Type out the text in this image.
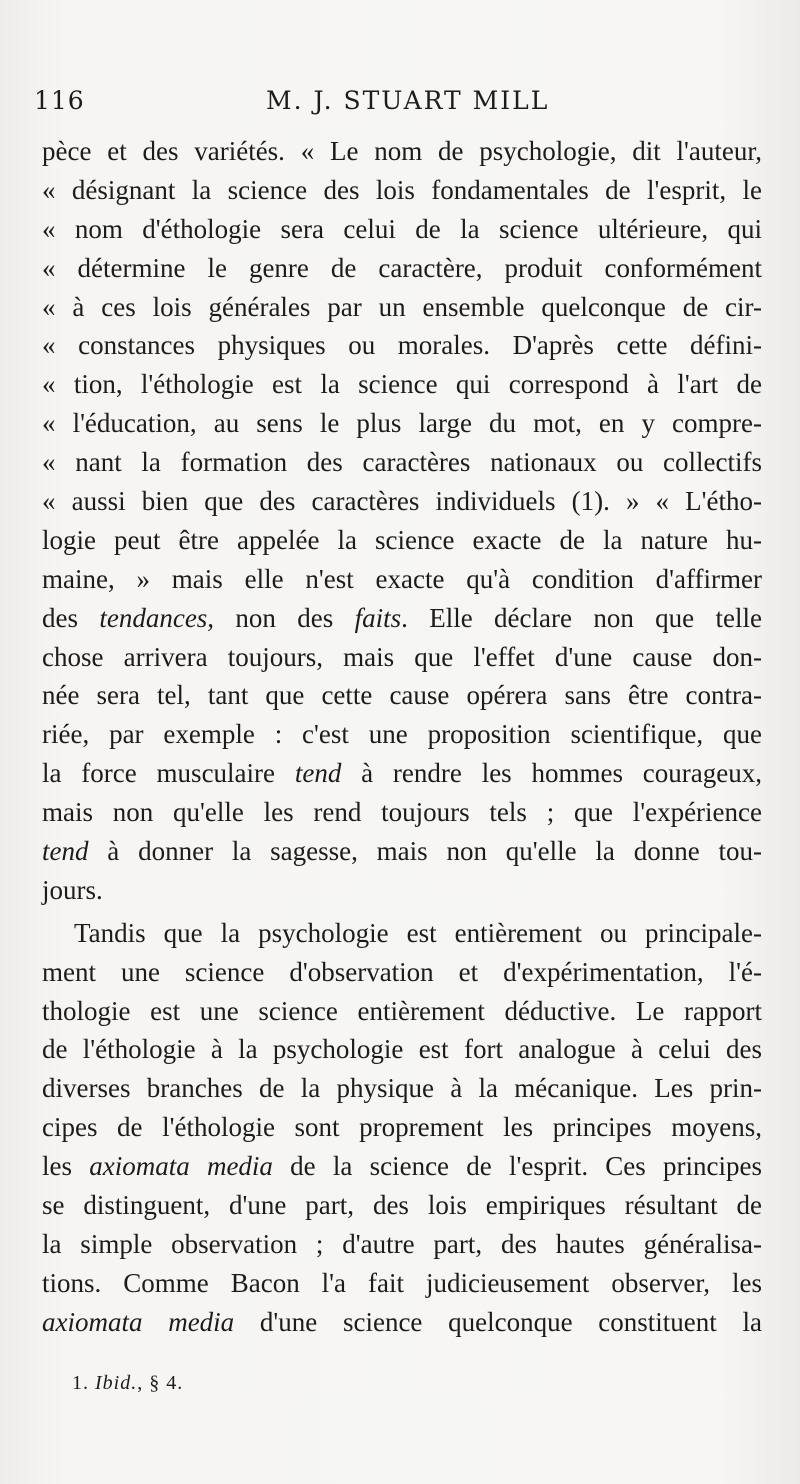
116	M. J. STUART MILL
pèce et des variétés. « Le nom de psychologie, dit l'auteur,
« désignant la science des lois fondamentales de l'esprit, le
« nom d'éthologie sera celui de la science ultérieure, qui
« détermine le genre de caractère, produit conformément
« à ces lois générales par un ensemble quelconque de cir-
« constances physiques ou morales. D'après cette défini-
« tion, l'éthologie est la science qui correspond à l'art de
« l'éducation, au sens le plus large du mot, en y compre-
« nant la formation des caractères nationaux ou collectifs
« aussi bien que des caractères individuels (1). » « L'étho-
logie peut être appelée la science exacte de la nature hu-
maine, » mais elle n'est exacte qu'à condition d'affirmer
des tendances, non des faits. Elle déclare non que telle
chose arrivera toujours, mais que l'effet d'une cause don-
née sera tel, tant que cette cause opérera sans être contra-
riée, par exemple : c'est une proposition scientifique, que
la force musculaire tend à rendre les hommes courageux,
mais non qu'elle les rend toujours tels ; que l'expérience
tend à donner la sagesse, mais non qu'elle la donne tou-
jours.
Tandis que la psychologie est entièrement ou principale-
ment une science d'observation et d'expérimentation, l'é-
thologie est une science entièrement déductive. Le rapport
de l'éthologie à la psychologie est fort analogue à celui des
diverses branches de la physique à la mécanique. Les prin-
cipes de l'éthologie sont proprement les principes moyens,
les axiomata media de la science de l'esprit. Ces principes
se distinguent, d'une part, des lois empiriques résultant de
la simple observation ; d'autre part, des hautes généralisa-
tions. Comme Bacon l'a fait judicieusement observer, les
axiomata media d'une science quelconque constituent la
1. Ibid., § 4.
